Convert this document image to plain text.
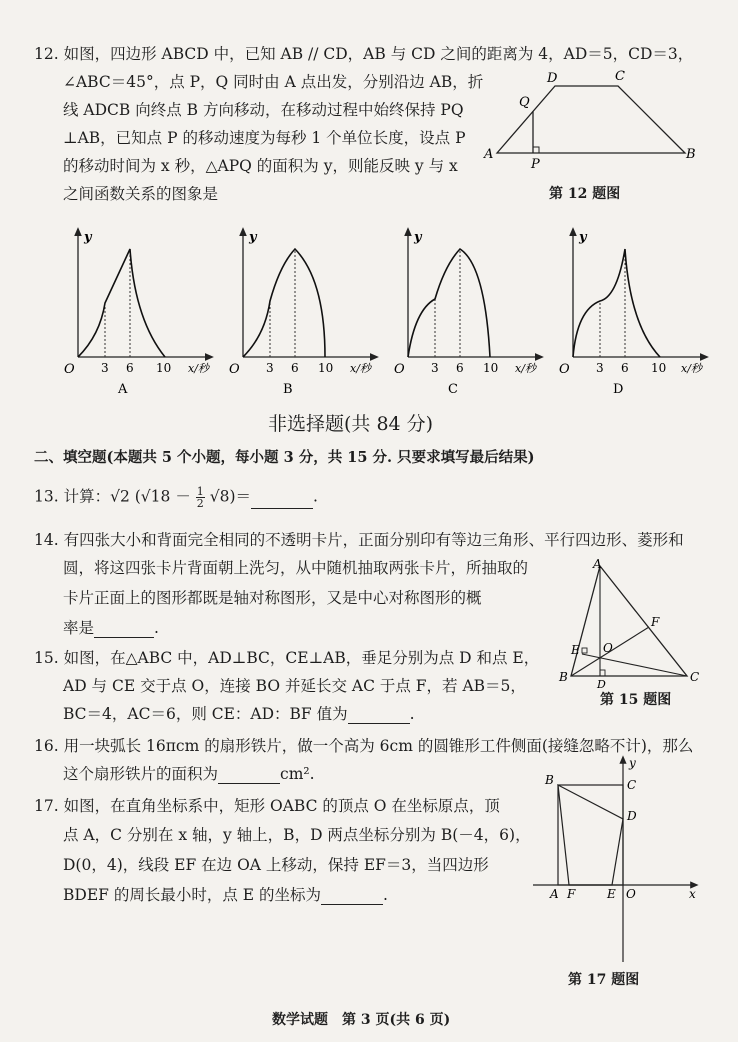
12. 如图，四边形 ABCD 中，已知 AB // CD，AB 与 CD 之间的距离为 4，AD＝5，CD＝3，
∠ABC＝45°，点 P，Q 同时由 A 点出发，分别沿边 AB，折
线 ADCB 向终点 B 方向移动，在移动过程中始终保持 PQ
⊥AB，已知点 P 的移动速度为每秒 1 个单位长度，设点 P
的移动时间为 x 秒，△APQ 的面积为 y，则能反映 y 与 x
之间函数关系的图象是
A	B
C
D
Q
P
第 12 题图
y
O 3 6 10 x/秒
A
y
O 3 6 10 x/秒
B
y
O 3 6 10 x/秒
C
y
O 3 6 10 x/秒
D
非选择题(共 84 分)
二、填空题(本题共 5 个小题，每小题 3 分，共 15 分. 只要求填写最后结果)
13. 计算：√2 $(√18 - \frac{1}{2} √8)=$	.
14. 有四张大小和背面完全相同的不透明卡片，正面分别印有等边三角形、平行四边形、菱形和
圆，将这四张卡片背面朝上洗匀，从中随机抽取两张卡片，所抽取的
卡片正面上的图形都既是轴对称图形，又是中心对称图形的概
率是	.
A
B	C
D
E
F
O
第 15 题图
15. 如图，在△ABC 中，AD⊥BC，CE⊥AB，垂足分别为点 D 和点 E，
AD 与 CE 交于点 O，连接 BO 并延长交 AC 于点 F，若 AB＝5，
BC＝4，AC＝6，则 CE：AD：BF 值为	.
16. 用一块弧长 16πcm 的扇形铁片，做一个高为 6cm 的圆锥形工件侧面(接缝忽略不计)，那么
这个扇形铁片的面积为	cm².
17. 如图，在直角坐标系中，矩形 OABC 的顶点 O 在坐标原点，顶
点 A，C 分别在 x 轴，y 轴上，B，D 两点坐标分别为 B(－4，6)，
D(0，4)，线段 EF 在边 OA 上移动，保持 EF＝3，当四边形
BDEF 的周长最小时，点 E 的坐标为	.
B	C
D
A F	E O	x
y
第 17 题图
数学试题　第 3 页(共 6 页)
